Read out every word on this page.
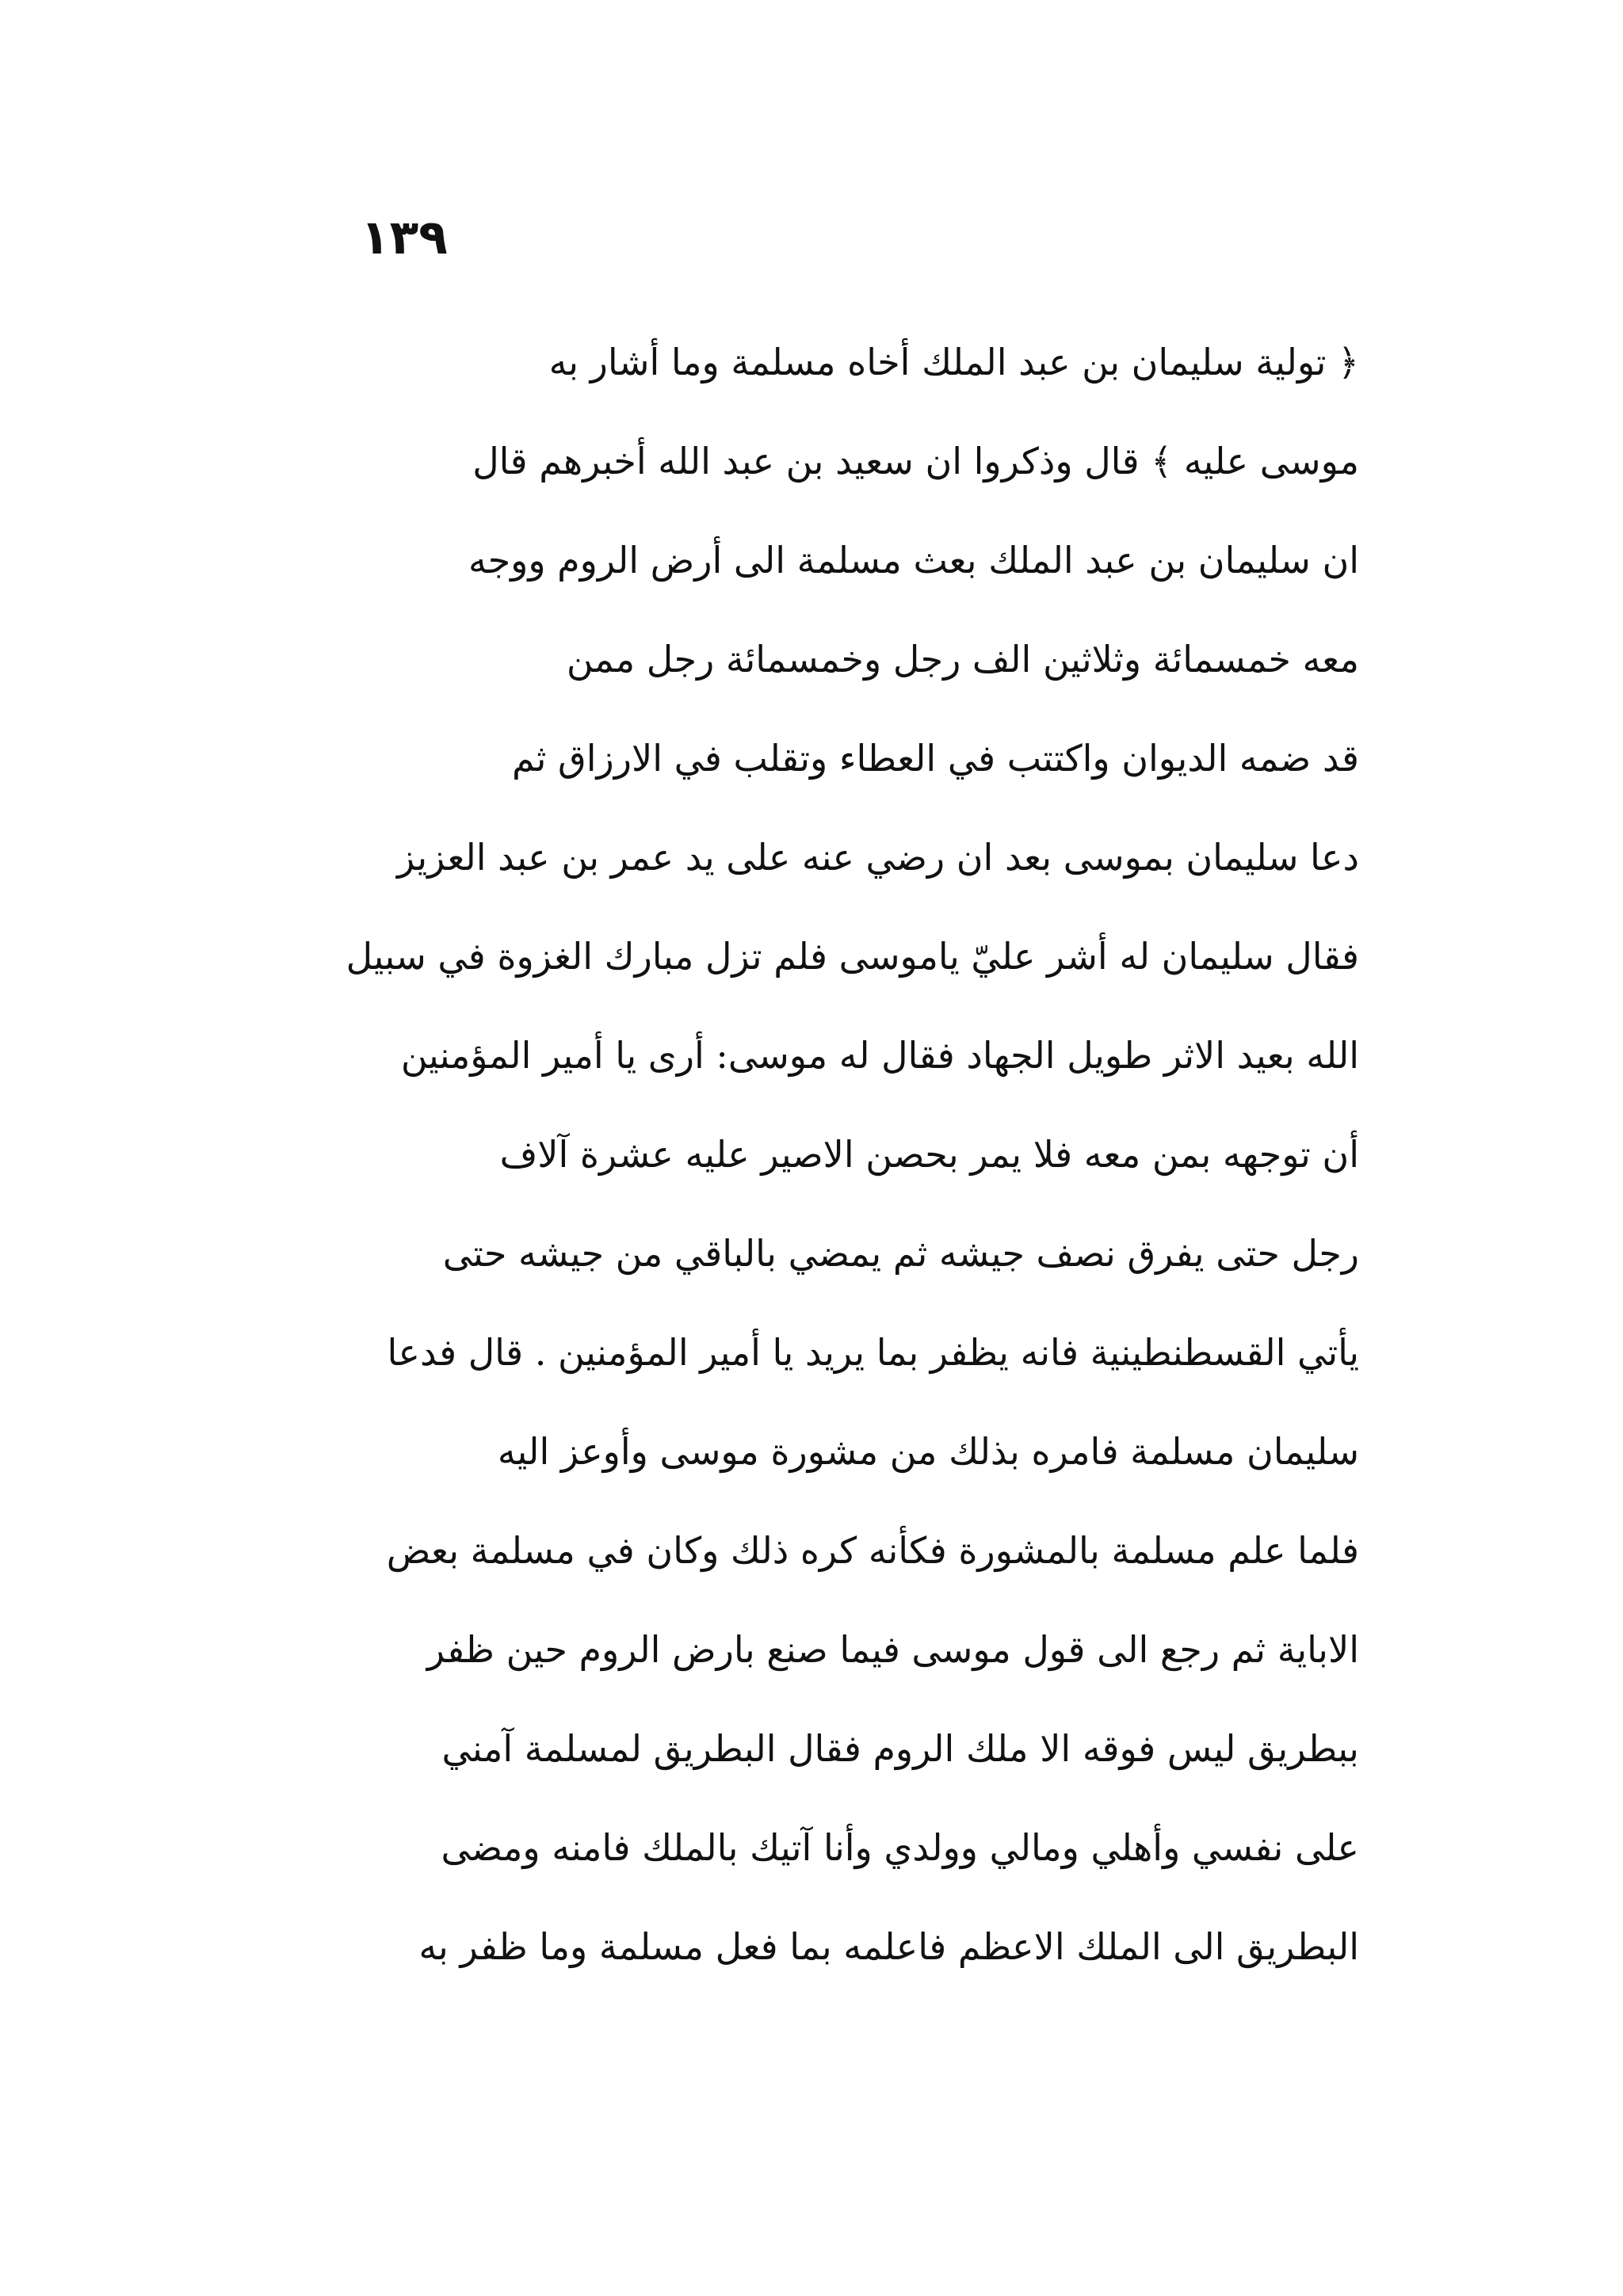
١٣٩
﴿ تولية سليمان بن عبد الملك أخاه مسلمة وما أشار به
موسى عليه ﴾ قال وذكروا ان سعيد بن عبد الله أخبرهم قال
ان سليمان بن عبد الملك بعث مسلمة الى أرض الروم ووجه
معه خمسمائة وثلاثين الف رجل وخمسمائة رجل ممن
قد ضمه الديوان واكتتب في العطاء وتقلب في الارزاق ثم
دعا سليمان بموسى بعد ان رضي عنه على يد عمر بن عبد العزيز
فقال سليمان له أشر عليّ ياموسى فلم تزل مبارك الغزوة في سبيل
الله بعيد الاثر طويل الجهاد فقال له موسى: أرى يا أمير المؤمنين
أن توجهه بمن معه فلا يمر بحصن الاصير عليه عشرة آلاف
رجل حتى يفرق نصف جيشه ثم يمضي بالباقي من جيشه حتى
يأتي القسطنطينية فانه يظفر بما يريد يا أمير المؤمنين . قال فدعا
سليمان مسلمة فامره بذلك من مشورة موسى وأوعز اليه
فلما علم مسلمة بالمشورة فكأنه كره ذلك وكان في مسلمة بعض
الاباية ثم رجع الى قول موسى فيما صنع بارض الروم حين ظفر
ببطريق ليس فوقه الا ملك الروم فقال البطريق لمسلمة آمني
على نفسي وأهلي ومالي وولدي وأنا آتيك بالملك فامنه ومضى
البطريق الى الملك الاعظم فاعلمه بما فعل مسلمة وما ظفر به
